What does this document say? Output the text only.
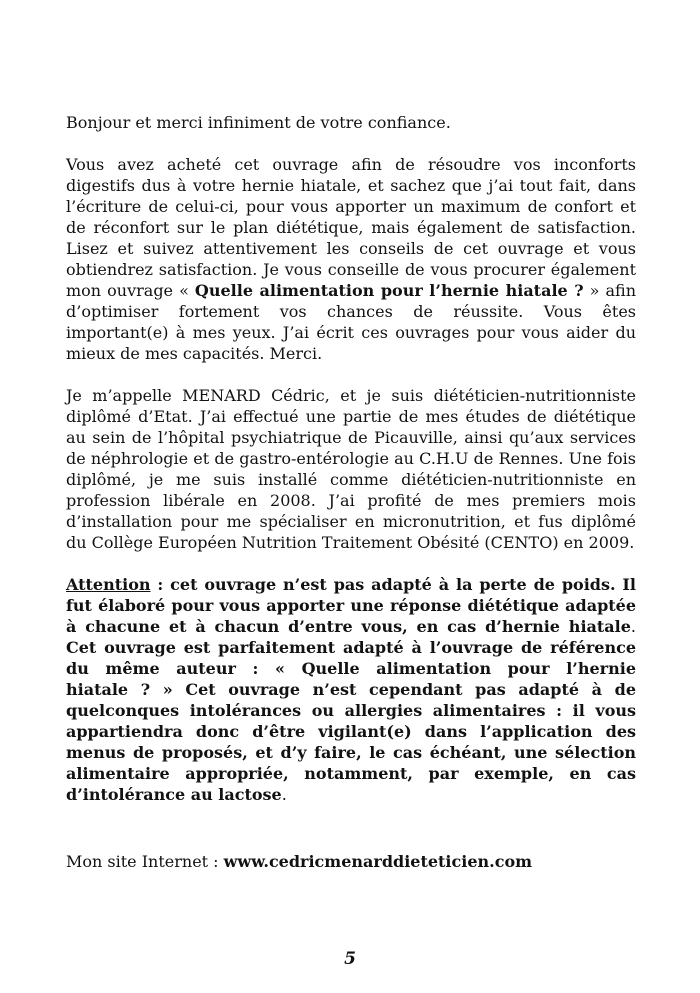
Bonjour et merci infiniment de votre confiance.

Vous avez acheté cet ouvrage afin de résoudre vos inconforts digestifs dus à votre hernie hiatale, et sachez que j’ai tout fait, dans l’écriture de celui-ci, pour vous apporter un maximum de confort et de réconfort sur le plan diététique, mais également de satisfaction. Lisez et suivez attentivement les conseils de cet ouvrage et vous obtiendrez satisfaction. Je vous conseille de vous procurer également mon ouvrage « Quelle alimentation pour l’hernie hiatale ? » afin d’optimiser fortement vos chances de réussite. Vous êtes important(e) à mes yeux. J’ai écrit ces ouvrages pour vous aider du mieux de mes capacités. Merci.

Je m’appelle MENARD Cédric, et je suis diététicien-nutritionniste diplômé d’Etat. J’ai effectué une partie de mes études de diététique au sein de l’hôpital psychiatrique de Picauville, ainsi qu’aux services de néphrologie et de gastro-entérologie au C.H.U de Rennes. Une fois diplômé, je me suis installé comme diététicien-nutritionniste en profession libérale en 2008. J’ai profité de mes premiers mois d’installation pour me spécialiser en micronutrition, et fus diplômé du Collège Européen Nutrition Traitement Obésité (CENTO) en 2009.

Attention : cet ouvrage n’est pas adapté à la perte de poids. Il fut élaboré pour vous apporter une réponse diététique adaptée à chacune et à chacun d’entre vous, en cas d’hernie hiatale. Cet ouvrage est parfaitement adapté à l’ouvrage de référence du même auteur : « Quelle alimentation pour l’hernie hiatale ? » Cet ouvrage n’est cependant pas adapté à de quelconques intolérances ou allergies alimentaires : il vous appartiendra donc d’être vigilant(e) dans l’application des menus de proposés, et d’y faire, le cas échéant, une sélection alimentaire appropriée, notamment, par exemple, en cas d’intolérance au lactose.

Mon site Internet : www.cedricmenarddieteticien.com

5
